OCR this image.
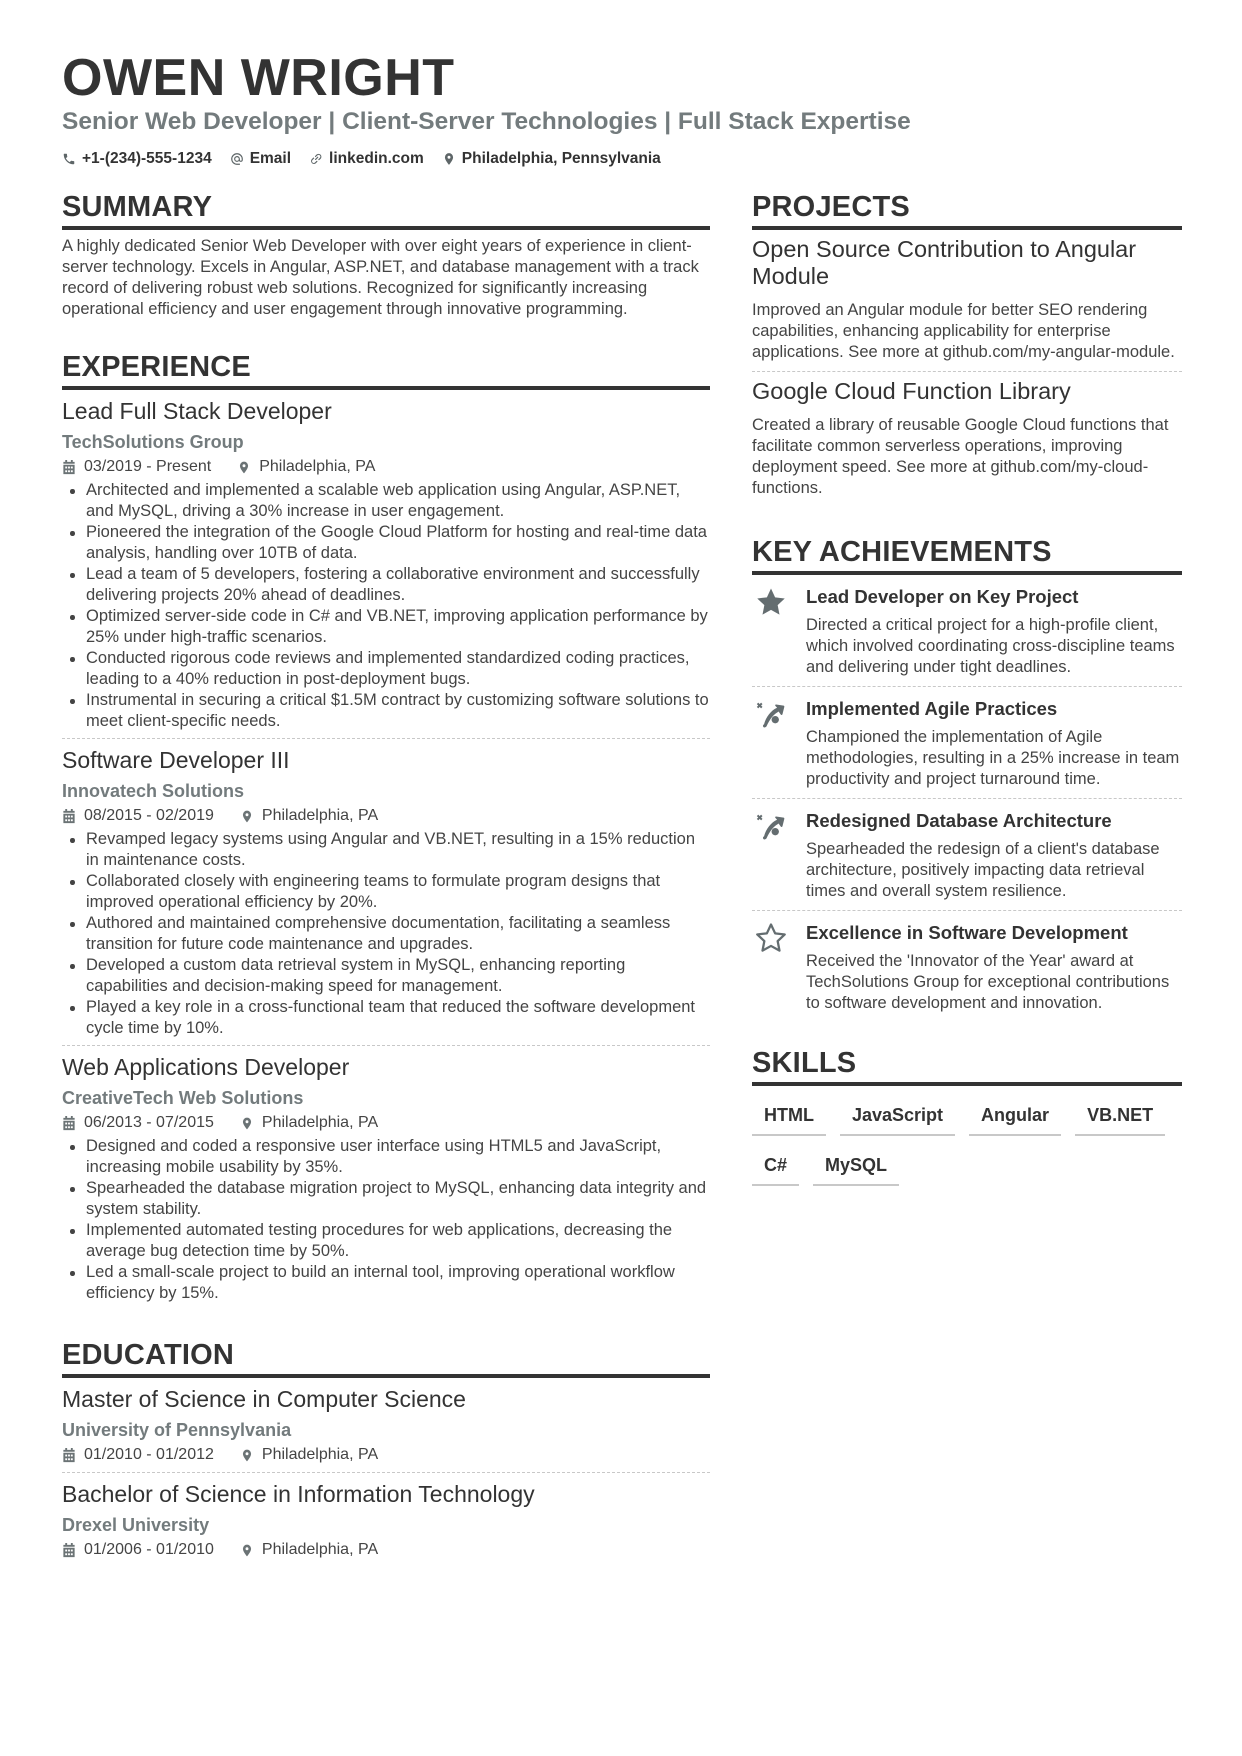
OWEN WRIGHT
Senior Web Developer | Client-Server Technologies | Full Stack Expertise
+1-(234)-555-1234 Email linkedin.com Philadelphia, Pennsylvania
SUMMARY

A highly dedicated Senior Web Developer with over eight years of experience in client-server technology. Excels in Angular, ASP.NET, and database management with a track record of delivering robust web solutions. Recognized for significantly increasing operational efficiency and user engagement through innovative programming.

EXPERIENCE
Lead Full Stack Developer
TechSolutions Group
03/2019 - Present	Philadelphia, PA
Architected and implemented a scalable web application using Angular, ASP.NET, and MySQL, driving a 30% increase in user engagement.
Pioneered the integration of the Google Cloud Platform for hosting and real-time data analysis, handling over 10TB of data.
Lead a team of 5 developers, fostering a collaborative environment and successfully delivering projects 20% ahead of deadlines.
Optimized server-side code in C# and VB.NET, improving application performance by 25% under high-traffic scenarios.
Conducted rigorous code reviews and implemented standardized coding practices, leading to a 40% reduction in post-deployment bugs.
Instrumental in securing a critical $1.5M contract by customizing software solutions to meet client-specific needs.
Software Developer III
Innovatech Solutions
08/2015 - 02/2019	Philadelphia, PA
Revamped legacy systems using Angular and VB.NET, resulting in a 15% reduction in maintenance costs.
Collaborated closely with engineering teams to formulate program designs that improved operational efficiency by 20%.
Authored and maintained comprehensive documentation, facilitating a seamless transition for future code maintenance and upgrades.
Developed a custom data retrieval system in MySQL, enhancing reporting capabilities and decision-making speed for management.
Played a key role in a cross-functional team that reduced the software development cycle time by 10%.
Web Applications Developer
CreativeTech Web Solutions
06/2013 - 07/2015	Philadelphia, PA
Designed and coded a responsive user interface using HTML5 and JavaScript, increasing mobile usability by 35%.
Spearheaded the database migration project to MySQL, enhancing data integrity and system stability.
Implemented automated testing procedures for web applications, decreasing the average bug detection time by 50%.
Led a small-scale project to build an internal tool, improving operational workflow efficiency by 15%.
EDUCATION
Master of Science in Computer Science
University of Pennsylvania
01/2010 - 01/2012	Philadelphia, PA
Bachelor of Science in Information Technology
Drexel University
01/2006 - 01/2010	Philadelphia, PA
PROJECTS
Open Source Contribution to Angular Module

Improved an Angular module for better SEO rendering capabilities, enhancing applicability for enterprise applications. See more at github.com/my-angular-module.

Google Cloud Function Library

Created a library of reusable Google Cloud functions that facilitate common serverless operations, improving deployment speed. See more at github.com/my-cloud-functions.

KEY ACHIEVEMENTS
Lead Developer on Key Project

Directed a critical project for a high-profile client, which involved coordinating cross-discipline teams and delivering under tight deadlines.

Implemented Agile Practices

Championed the implementation of Agile methodologies, resulting in a 25% increase in team productivity and project turnaround time.

Redesigned Database Architecture

Spearheaded the redesign of a client's database architecture, positively impacting data retrieval times and overall system resilience.

Excellence in Software Development

Received the 'Innovator of the Year' award at TechSolutions Group for exceptional contributions to software development and innovation.

SKILLS
HTML	JavaScript	Angular	VB.NET
C#	MySQL
